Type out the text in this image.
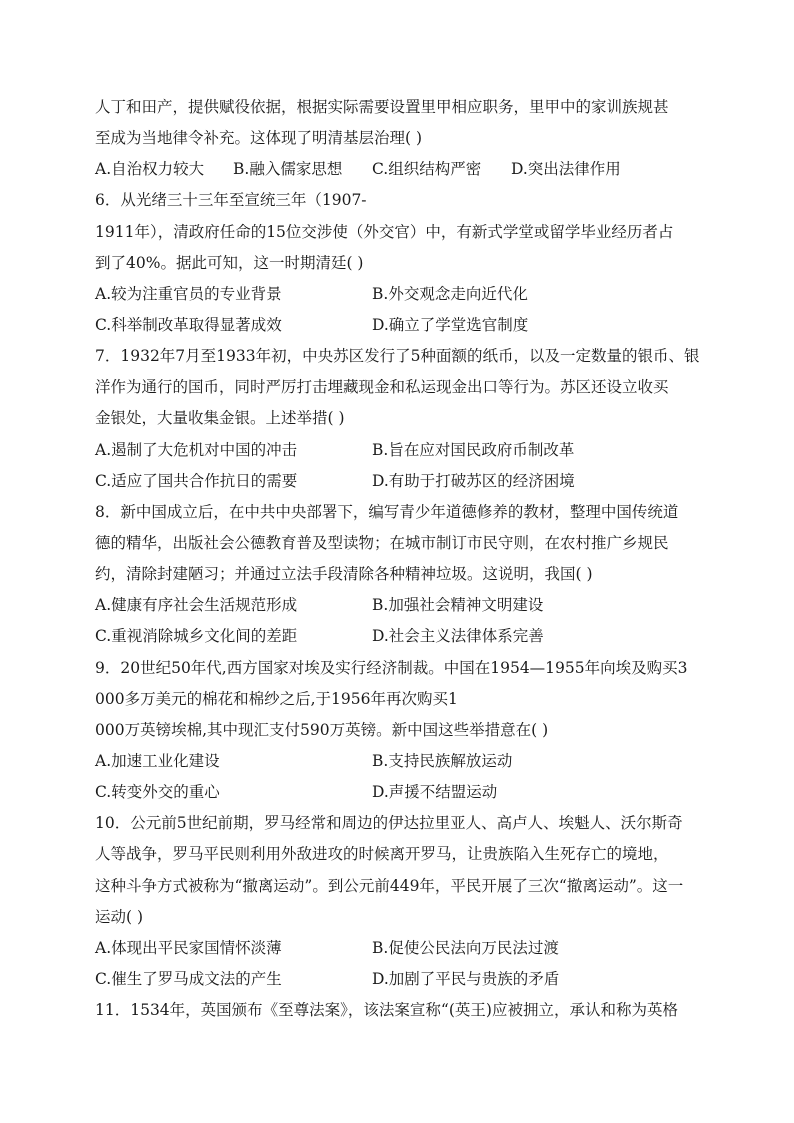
人丁和田产，提供赋役依据，根据实际需要设置里甲相应职务，里甲中的家训族规甚
至成为当地律令补充。这体现了明清基层治理( )
A.自治权力较大 B.融入儒家思想 C.组织结构严密 D.突出法律作用
6．从光绪三十三年至宣统三年（1907-
1911年），清政府任命的15位交涉使（外交官）中，有新式学堂或留学毕业经历者占
到了40%。据此可知，这一时期清廷( )
A.较为注重官员的专业背景	B.外交观念走向近代化
C.科举制改革取得显著成效	D.确立了学堂选官制度
7．1932年7月至1933年初，中央苏区发行了5种面额的纸币，以及一定数量的银币、银
洋作为通行的国币，同时严厉打击埋藏现金和私运现金出口等行为。苏区还设立收买
金银处，大量收集金银。上述举措( )
A.遏制了大危机对中国的冲击	B.旨在应对国民政府币制改革
C.适应了国共合作抗日的需要	D.有助于打破苏区的经济困境
8．新中国成立后，在中共中央部署下，编写青少年道德修养的教材，整理中国传统道
德的精华，出版社会公德教育普及型读物；在城市制订市民守则，在农村推广乡规民
约，清除封建陋习；并通过立法手段清除各种精神垃圾。这说明，我国( )
A.健康有序社会生活规范形成	B.加强社会精神文明建设
C.重视消除城乡文化间的差距	D.社会主义法律体系完善
9．20世纪50年代,西方国家对埃及实行经济制裁。中国在1954—1955年向埃及购买3
000多万美元的棉花和棉纱之后,于1956年再次购买1
000万英镑埃棉,其中现汇支付590万英镑。新中国这些举措意在( )
A.加速工业化建设	B.支持民族解放运动
C.转变外交的重心	D.声援不结盟运动
10．公元前5世纪前期，罗马经常和周边的伊达拉里亚人、高卢人、埃魁人、沃尔斯奇
人等战争，罗马平民则利用外敌进攻的时候离开罗马，让贵族陷入生死存亡的境地，
这种斗争方式被称为“撤离运动”。到公元前449年，平民开展了三次“撤离运动”。这一
运动( )
A.体现出平民家国情怀淡薄	B.促使公民法向万民法过渡
C.催生了罗马成文法的产生	D.加剧了平民与贵族的矛盾
11．1534年，英国颁布《至尊法案》，该法案宣称“(英王)应被拥立，承认和称为英格
